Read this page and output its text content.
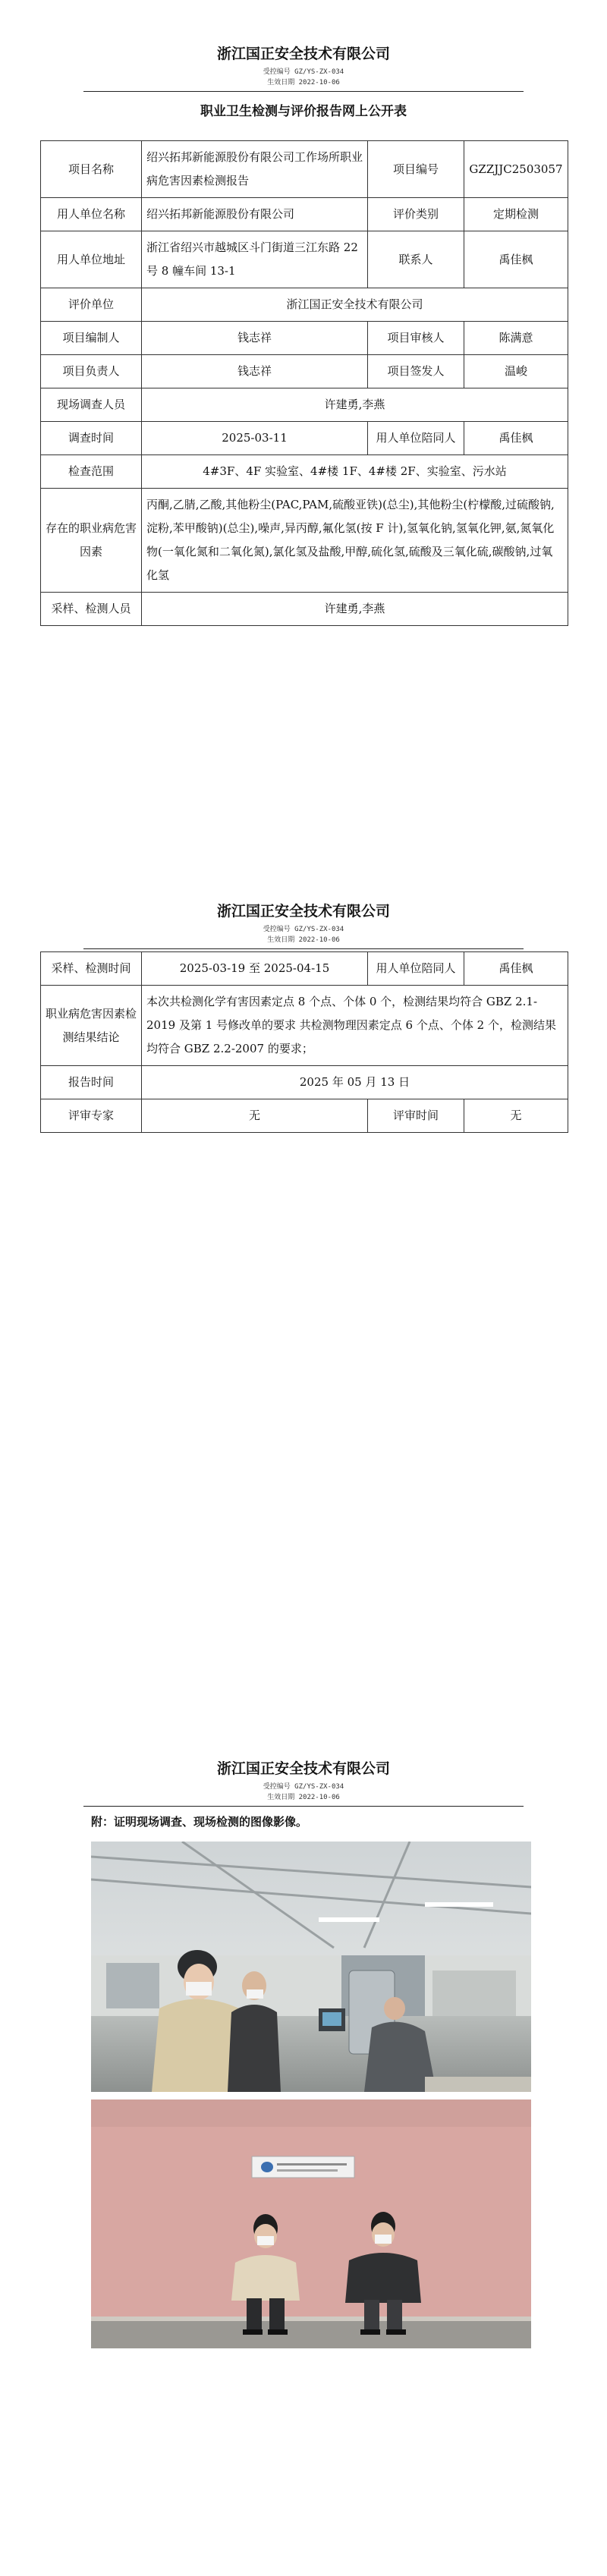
浙江国正安全技术有限公司
受控编号 GZ/YS-ZX-034
生效日期 2022-10-06
职业卫生检测与评价报告网上公开表
项目名称	绍兴拓邦新能源股份有限公司工作场所职业病危害因素检测报告	项目编号	GZZJJC2503057
用人单位名称	绍兴拓邦新能源股份有限公司	评价类别	定期检测
用人单位地址	浙江省绍兴市越城区斗门街道三江东路 22 号 8 幢车间 13-1	联系人	禹佳枫
评价单位	浙江国正安全技术有限公司		
项目编制人	钱志祥	项目审核人	陈满意
项目负责人	钱志祥	项目签发人	温峻
现场调查人员	许建勇,李燕		
调查时间	2025-03-11	用人单位陪同人	禹佳枫
检查范围	4#3F、4F 实验室、4#楼 1F、4#楼 2F、实验室、污水站		
存在的职业病危害因素	丙酮,乙腈,乙酸,其他粉尘(PAC,PAM,硫酸亚铁)(总尘),其他粉尘(柠檬酸,过硫酸钠,淀粉,苯甲酸钠)(总尘),噪声,异丙醇,氟化氢(按 F 计),氢氧化钠,氢氧化钾,氨,氮氧化物(一氧化氮和二氧化氮),氯化氢及盐酸,甲醇,硫化氢,硫酸及三氧化硫,碳酸钠,过氧化氢		
采样、检测人员	许建勇,李燕		
浙江国正安全技术有限公司
受控编号 GZ/YS-ZX-034
生效日期 2022-10-06
采样、检测时间	2025-03-19 至 2025-04-15	用人单位陪同人	禹佳枫
职业病危害因素检测结果结论	本次共检测化学有害因素定点 8 个点、个体 0 个，检测结果均符合 GBZ 2.1-2019 及第 1 号修改单的要求 共检测物理因素定点 6 个点、个体 2 个，检测结果均符合 GBZ 2.2-2007 的要求；		
报告时间	2025 年 05 月 13 日		
评审专家	无	评审时间	无
浙江国正安全技术有限公司
受控编号 GZ/YS-ZX-034
生效日期 2022-10-06
附：证明现场调查、现场检测的图像影像。
